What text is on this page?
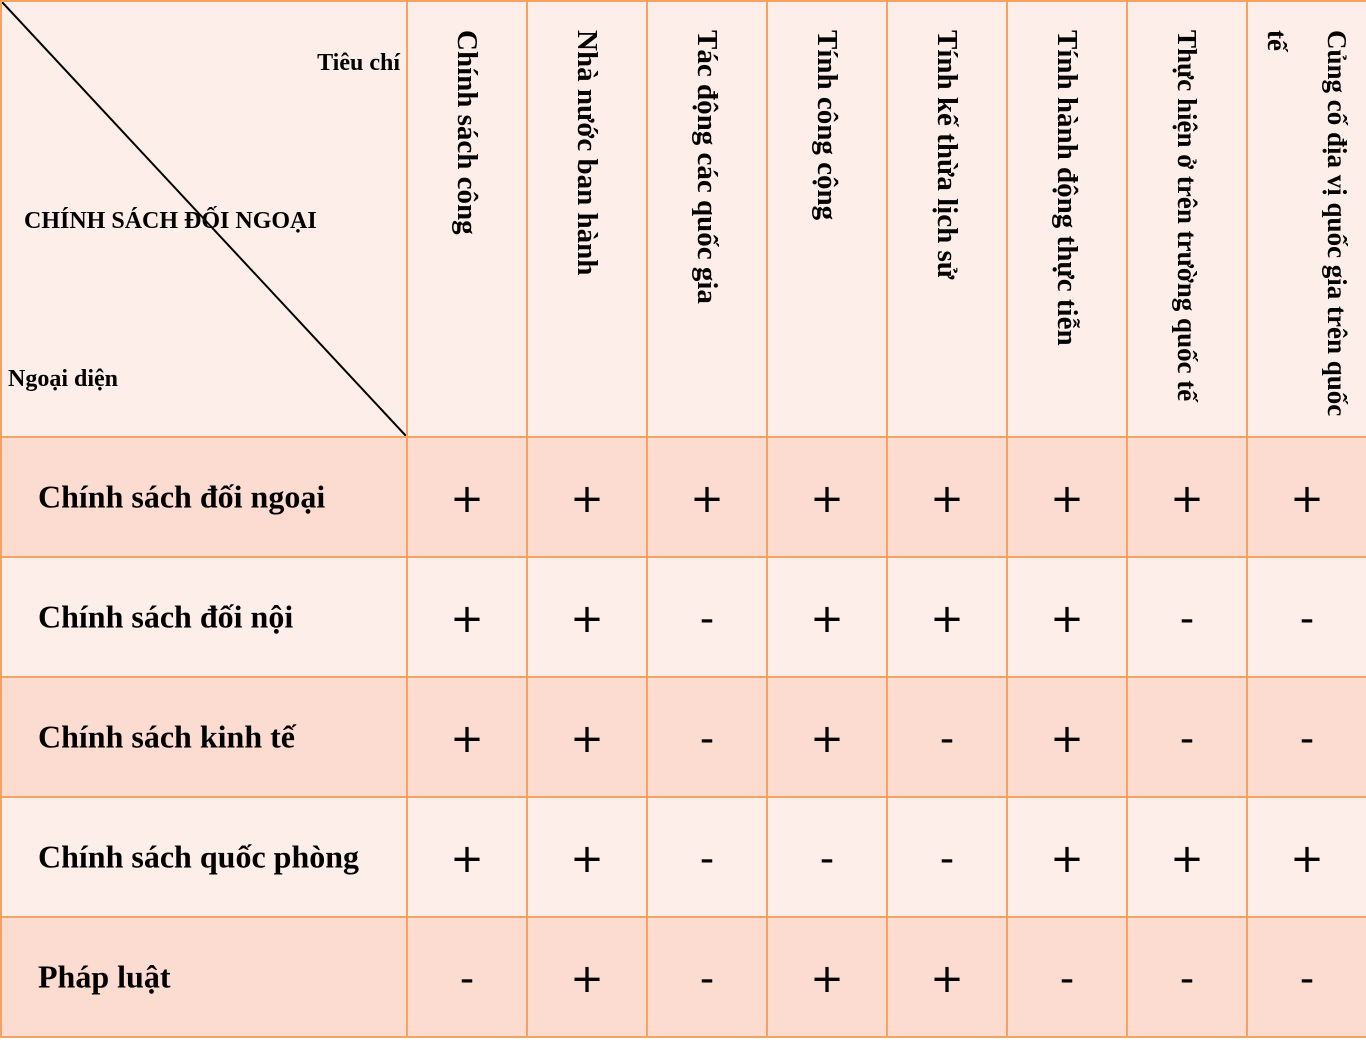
Tiêu chí
CHÍNH SÁCH ĐỐI NGOẠI
Ngoại diện
Chính sách công	Nhà nước ban hành	Tác động các quốc gia	Tính công cộng	Tính kế thừa lịch sử	Tính hành động thực tiễn	Thực hiện ở trên trường quốc tế	Củng cố địa vị quốc gia trên quốc tế
Chính sách đối ngoại	+	+	+	+	+	+	+	+
Chính sách đối nội	+	+	-	+	+	+	-	-
Chính sách kinh tế	+	+	-	+	-	+	-	-
Chính sách quốc phòng	+	+	-	-	-	+	+	+
Pháp luật	-	+	-	+	+	-	-	-
